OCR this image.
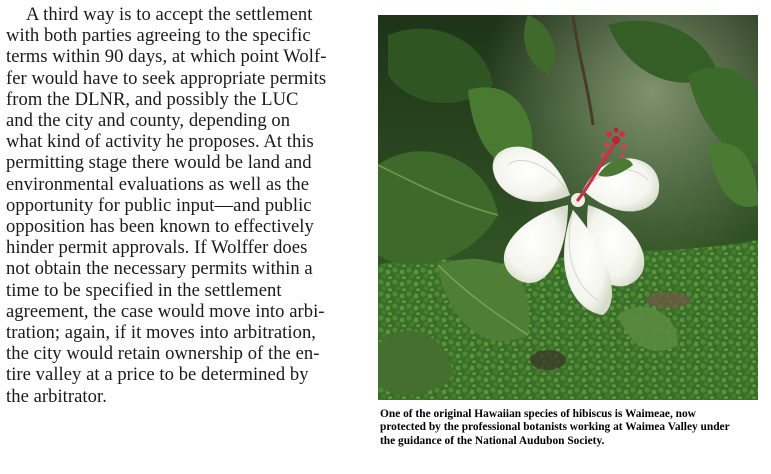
A third way is to accept the settlement
with both parties agreeing to the specific
terms within 90 days, at which point Wolf-
fer would have to seek appropriate permits
from the DLNR, and possibly the LUC
and the city and county, depending on
what kind of activity he proposes. At this
permitting stage there would be land and
environmental evaluations as well as the
opportunity for public input—and public
opposition has been known to effectively
hinder permit approvals. If Wolffer does
not obtain the necessary permits within a
time to be specified in the settlement
agreement, the case would move into arbi-
tration; again, if it moves into arbitration,
the city would retain ownership of the en-
tire valley at a price to be determined by
the arbitrator.

One of the original Hawaiian species of hibiscus is Waimeae, now
protected by the professional botanists working at Waimea Valley under
the guidance of the National Audubon Society.
